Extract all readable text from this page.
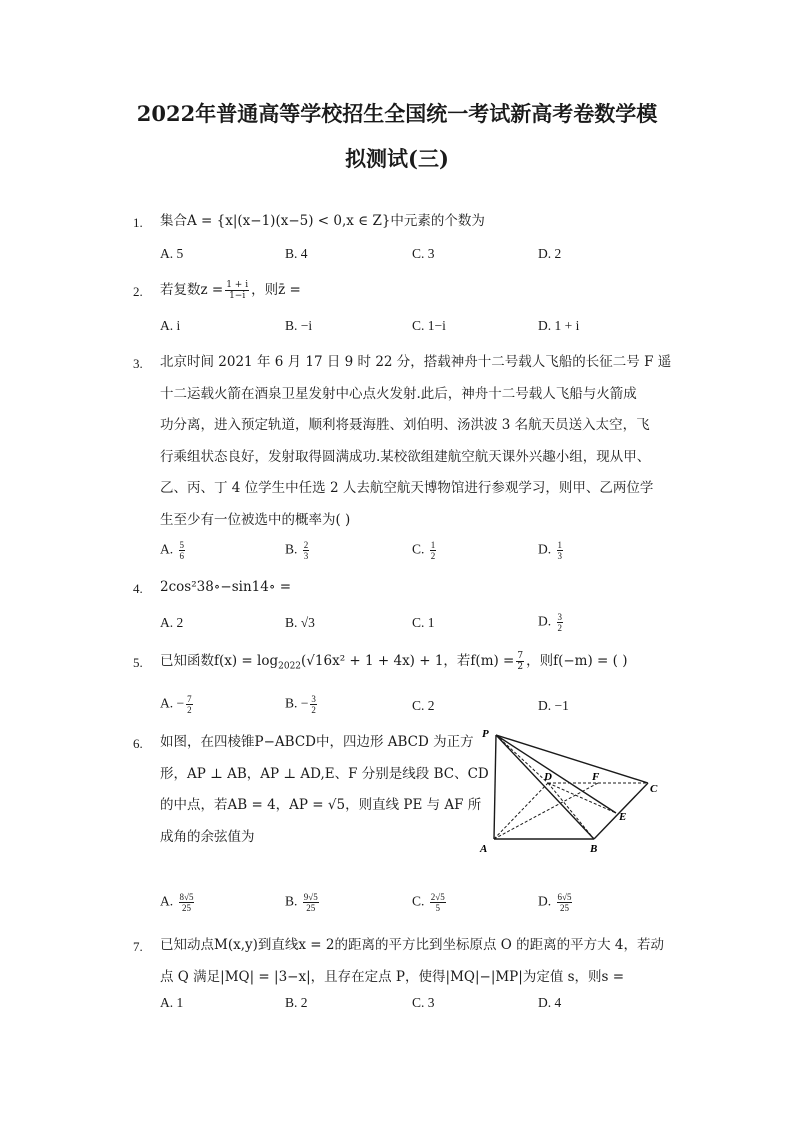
2022年普通高等学校招生全国统一考试新高考卷数学模
拟测试(三)
1. 集合A = {x|(x−1)(x−5) < 0,x ∈ Z}中元素的个数为
A. 5	B. 4	C. 3	D. 2
2. 若复数$z = \frac{1 + i}{1-i}$ ，则z̄ =
A. i	B. −i	C. 1−i	D. 1 + i
3. 北京时间 2021 年 6 月 17 日 9 时 22 分，搭载神舟十二号载人飞船的长征二号 F 遥
十二运载火箭在酒泉卫星发射中心点火发射.此后，神舟十二号载人飞船与火箭成
功分离，进入预定轨道，顺利将聂海胜、刘伯明、汤洪波 3 名航天员送入太空，飞
行乘组状态良好，发射取得圆满成功.某校欲组建航空航天课外兴趣小组，现从甲、
乙、丙、丁 4 位学生中任选 2 人去航空航天博物馆进行参观学习，则甲、乙两位学
生至少有一位被选中的概率为( )
A. $\frac{5}{6}$	B. $\frac{2}{3}$	C. $\frac{1}{2}$	D. $\frac{1}{3}$
4. 2cos²38∘−sin14∘ =
A. 2	B. √3	C. 1	D. $\frac{3}{2}$
5. 已知函数$f(x) = \log_{2022}(√16x^2 + 1 + 4x) + 1$，若$f(m) = \frac{7}{2}$ ，则f(−m) = ( )
A. − $\frac{7}{2}$	B. − $\frac{3}{2}$	C. 2	D. −1
6. 如图，在四棱锥P−ABCD中，四边形 ABCD 为正方
形，AP ⊥ AB，AP ⊥ AD,E、F 分别是线段 BC、CD
的中点，若AB = 4，AP = √5，则直线 PE 与 AF 所
成角的余弦值为
P
D	F
C
E
A	B
A. $\frac{8√5}{25}$	B. $\frac{9√5}{25}$	C. $\frac{2√5}{5}$	D. $\frac{6√5}{25}$
7. 已知动点M(x,y)到直线x = 2的距离的平方比到坐标原点 O 的距离的平方大 4，若动
点 Q 满足|MQ| = |3−x|，且存在定点 P，使得|MQ|−|MP|为定值 s，则s =
A. 1	B. 2	C. 3	D. 4
